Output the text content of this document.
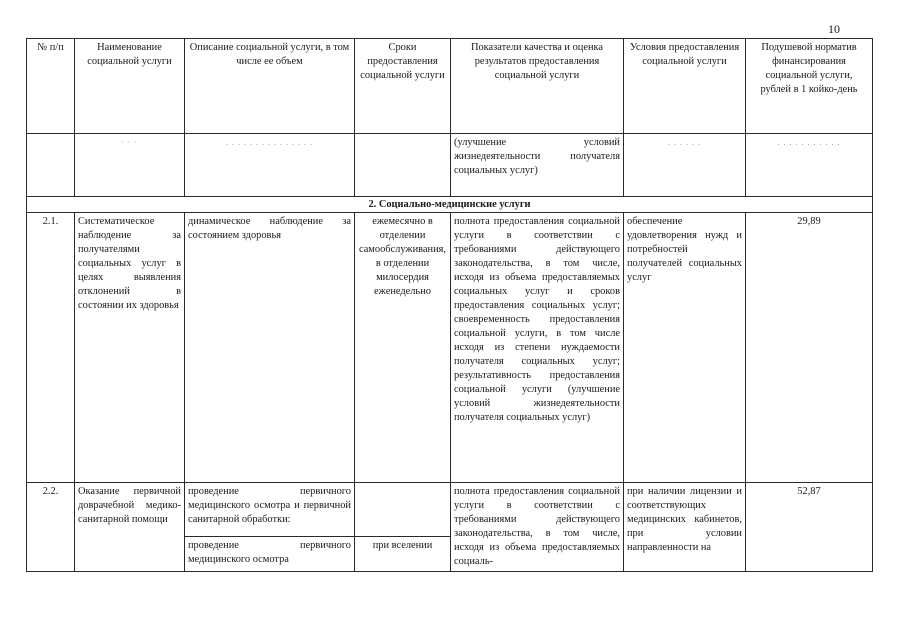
10
№ п/п	Наименование социальной услуги	Описание социальной услуги, в том числе ее объем	Сроки предоставления социальной услуги	Показатели качества и оценка результатов предоставления социальной услуги	Условия предоставления социальной услуги	Подушевой норматив финансирования социальной услуги, рублей в 1 койко-день
	· · ·	. . . . . . . . . . . . . . .		(улучшение условий жизнедеятельности получателя социальных услуг)	. . . . . .	. . . . . . . . . . .
2. Социально-медицинские услуги						
2.1.	Систематическое наблюдение за получателями социальных услуг в целях выявления отклонений в состоянии их здоровья	динамическое наблюдение за состоянием здоровья	ежемесячно в отделении самообслуживания, в отделении милосердия еженедельно	полнота предоставления социальной услуги в соответствии с требованиями действующего законодательства, в том числе, исходя из объема предоставляемых социальных услуг и сроков предоставления социальных услуг; своевременность предоставления социальной услуги, в том числе исходя из степени нуждаемости получателя социальных услуг; результативность предоставления социальной услуги (улучшение условий жизнедеятельности получателя социальных услуг)	обеспечение удовлетворения нужд и потребностей получателей социальных услуг	29,89
2.2.	Оказание первичной доврачебной медико-санитарной помощи	проведение первичного медицинского осмотра и первичной санитарной обработки:		полнота предоставления социальной услуги в соответствии с требованиями действующего законодательства, в том числе, исходя из объема предоставляемых социаль-	при наличии лицензии и соответствующих медицинских кабинетов, при условии направленности на	52,87
		проведение первичного медицинского осмотра	при вселении			
